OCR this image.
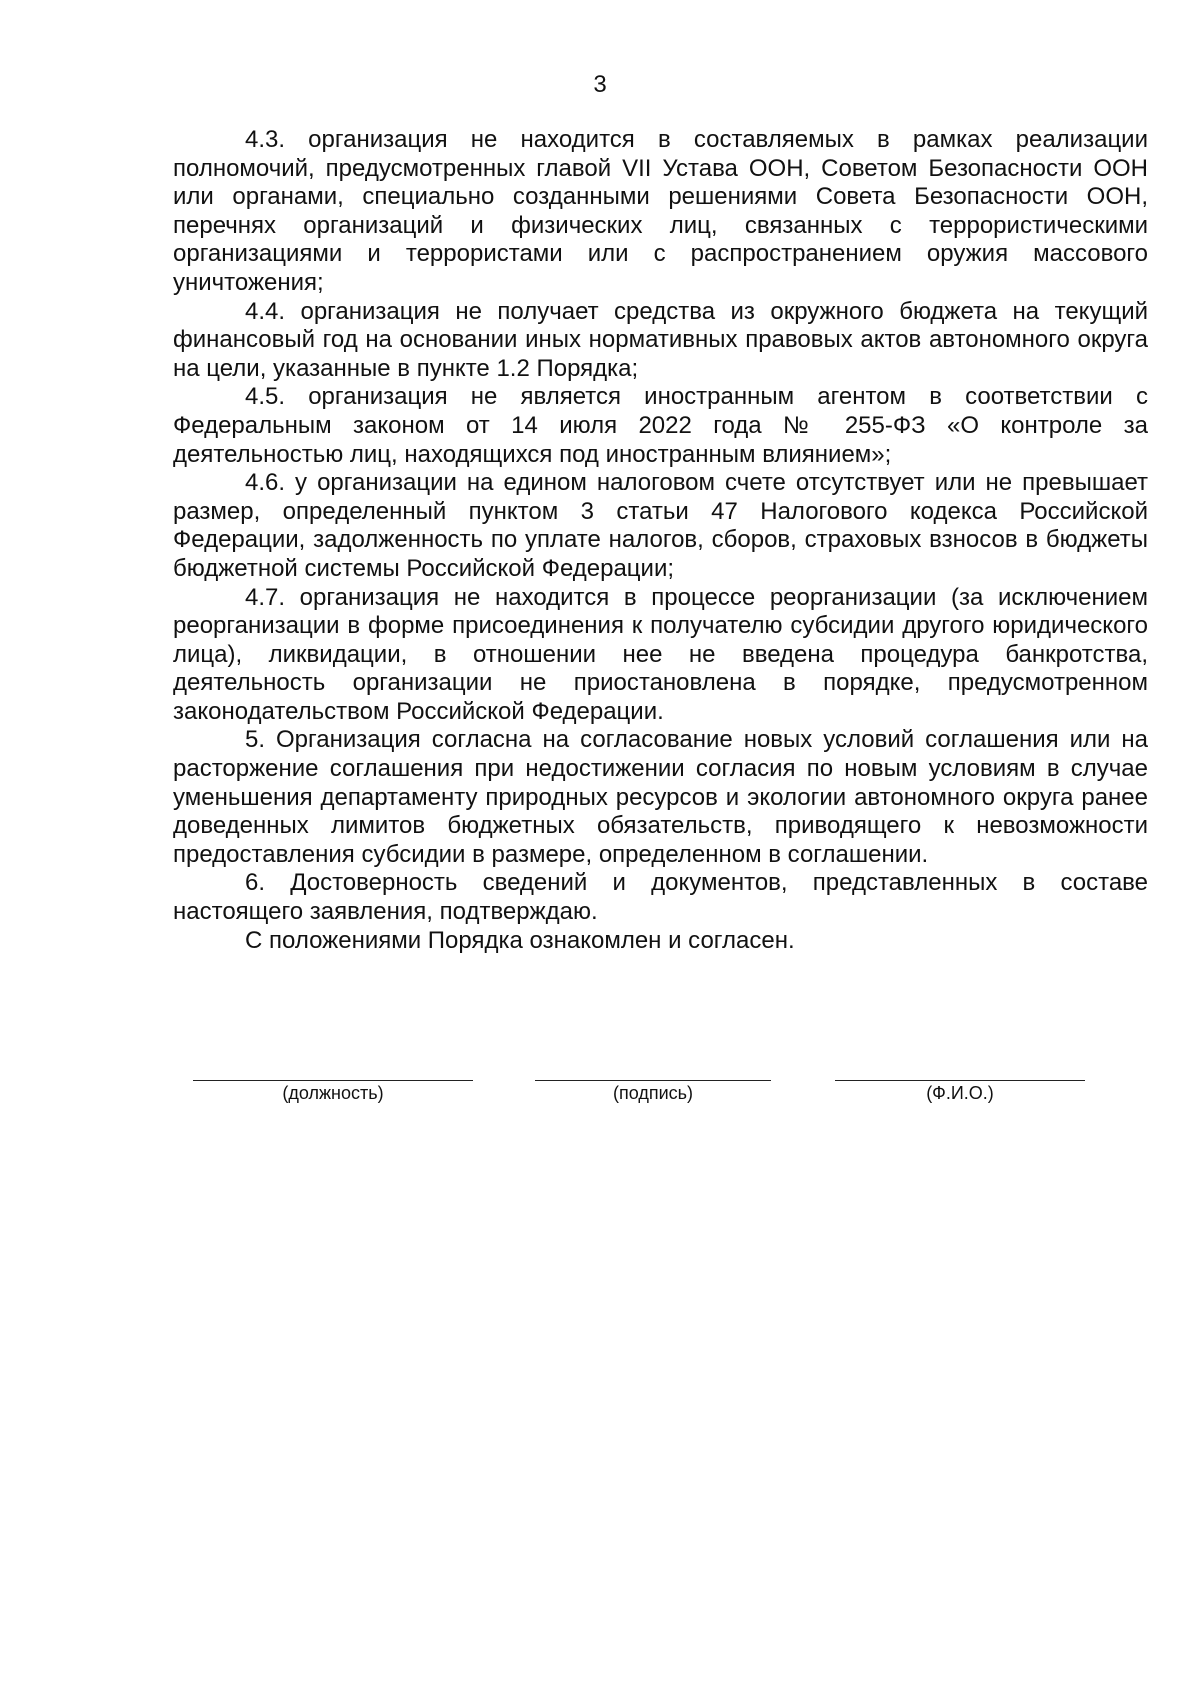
3

4.3. организация не находится в составляемых в рамках реализации полномочий, предусмотренных главой VII Устава ООН, Советом Безопасности ООН или органами, специально созданными решениями Совета Безопасности ООН, перечнях организаций и физических лиц, связанных с террористическими организациями и террористами или с распространением оружия массового уничтожения;

4.4. организация не получает средства из окружного бюджета на текущий финансовый год на основании иных нормативных правовых актов автономного округа на цели, указанные в пункте 1.2 Порядка;

4.5. организация не является иностранным агентом в соответствии с Федеральным законом от 14 июля 2022 года № 255-ФЗ «О контроле за деятельностью лиц, находящихся под иностранным влиянием»;

4.6. у организации на едином налоговом счете отсутствует или не превышает размер, определенный пунктом 3 статьи 47 Налогового кодекса Российской Федерации, задолженность по уплате налогов, сборов, страховых взносов в бюджеты бюджетной системы Российской Федерации;

4.7. организация не находится в процессе реорганизации (за исключением реорганизации в форме присоединения к получателю субсидии другого юридического лица), ликвидации, в отношении нее не введена процедура банкротства, деятельность организации не приостановлена в порядке, предусмотренном законодательством Российской Федерации.

5. Организация согласна на согласование новых условий соглашения или на расторжение соглашения при недостижении согласия по новым условиям в случае уменьшения департаменту природных ресурсов и экологии автономного округа ранее доведенных лимитов бюджетных обязательств, приводящего к невозможности предоставления субсидии в размере, определенном в соглашении.

6. Достоверность сведений и документов, представленных в составе настоящего заявления, подтверждаю.

С положениями Порядка ознакомлен и согласен.

(должность)	(подпись)	(Ф.И.О.)
